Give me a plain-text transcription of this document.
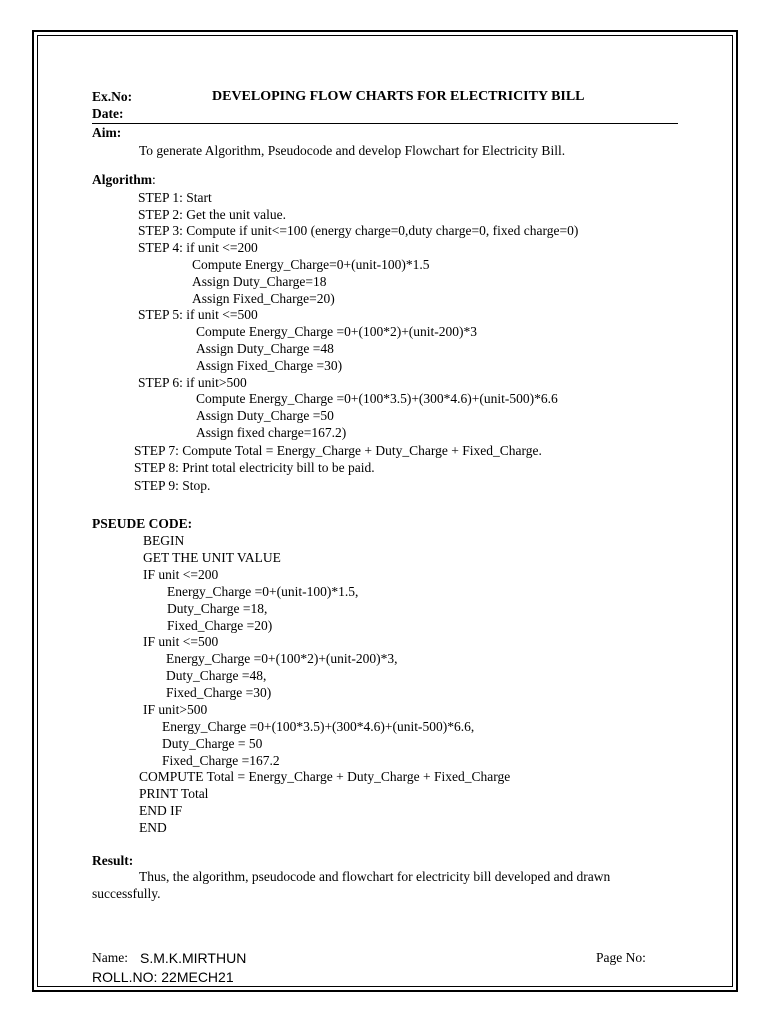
Ex.No:	DEVELOPING FLOW CHARTS FOR ELECTRICITY BILL
Date:
Aim:
To generate Algorithm, Pseudocode and develop Flowchart for Electricity Bill.
Algorithm:
STEP 1: Start
STEP 2: Get the unit value.
STEP 3: Compute if unit<=100 (energy charge=0,duty charge=0, fixed charge=0)
STEP 4: if unit <=200
Compute Energy_Charge=0+(unit-100)*1.5
Assign Duty_Charge=18
Assign Fixed_Charge=20)
STEP 5: if unit <=500
Compute Energy_Charge =0+(100*2)+(unit-200)*3
Assign Duty_Charge =48
Assign Fixed_Charge =30)
STEP 6: if unit>500
Compute Energy_Charge =0+(100*3.5)+(300*4.6)+(unit-500)*6.6
Assign Duty_Charge =50
Assign fixed charge=167.2)
STEP 7: Compute Total = Energy_Charge + Duty_Charge + Fixed_Charge.
STEP 8: Print total electricity bill to be paid.
STEP 9: Stop.
PSEUDE CODE:
BEGIN
GET THE UNIT VALUE
IF unit <=200
Energy_Charge =0+(unit-100)*1.5,
Duty_Charge =18,
Fixed_Charge =20)
IF unit <=500
Energy_Charge =0+(100*2)+(unit-200)*3,
Duty_Charge =48,
Fixed_Charge =30)
IF unit>500
Energy_Charge =0+(100*3.5)+(300*4.6)+(unit-500)*6.6,
Duty_Charge = 50
Fixed_Charge =167.2
COMPUTE Total = Energy_Charge + Duty_Charge + Fixed_Charge
PRINT Total
END IF
END
Result:
Thus, the algorithm, pseudocode and flowchart for electricity bill developed and drawn successfully.
Name: S.M.K.MIRTHUN	Page No:
ROLL.NO: 22MECH21
